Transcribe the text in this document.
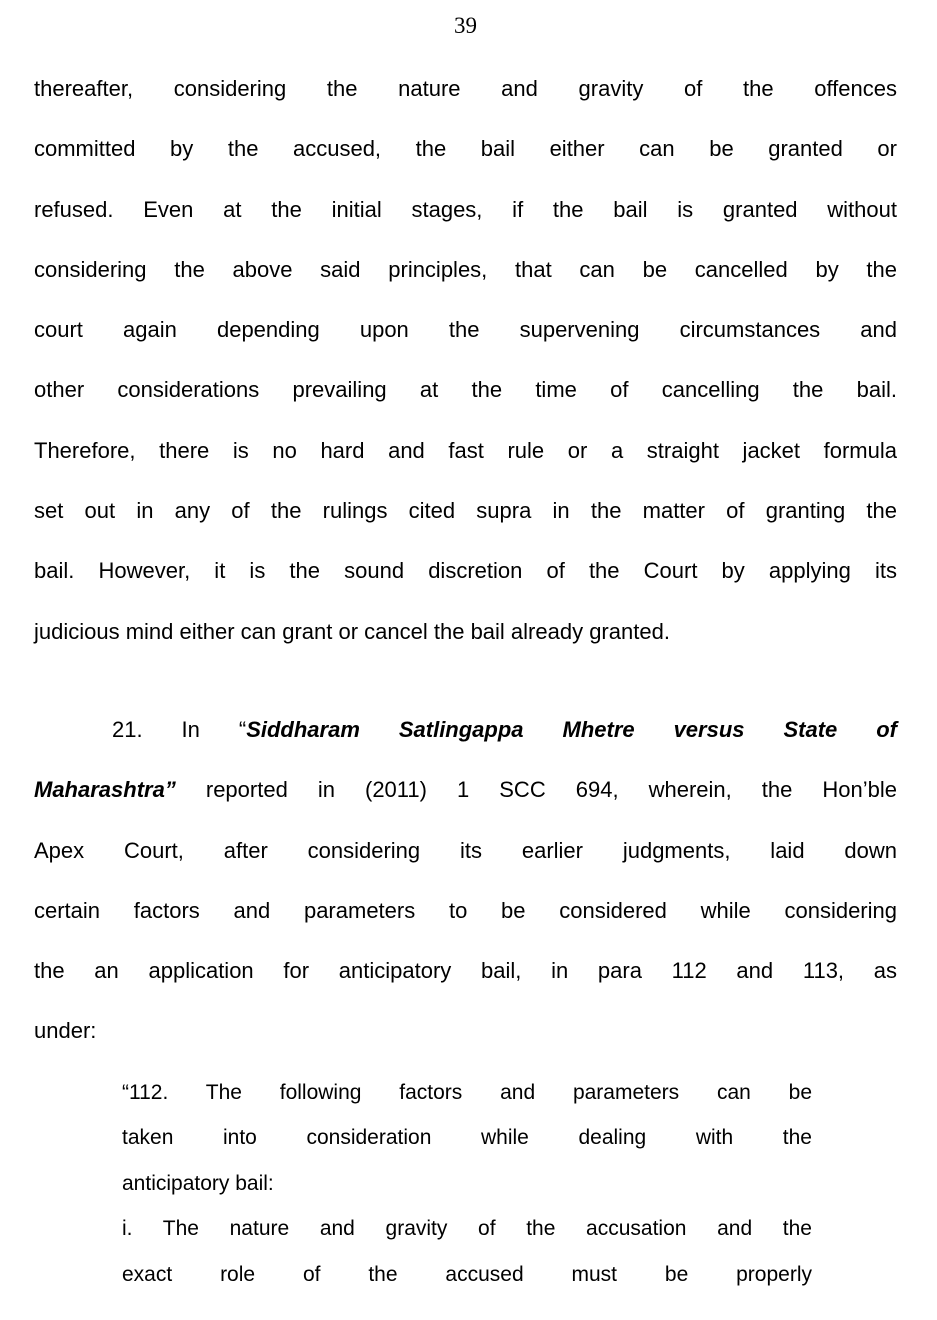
39
thereafter, considering the nature and gravity of the offences
committed by the accused, the bail either can be granted or
refused. Even at the initial stages, if the bail is granted without
considering the above said principles, that can be cancelled by the
court again depending upon the supervening circumstances and
other considerations prevailing at the time of cancelling the bail.
Therefore, there is no hard and fast rule or a straight jacket formula
set out in any of the rulings cited supra in the matter of granting the
bail. However, it is the sound discretion of the Court by applying its
judicious mind either can grant or cancel the bail already granted.
21. In “Siddharam Satlingappa Mhetre versus State of
Maharashtra” reported in (2011) 1 SCC 694, wherein, the Hon’ble
Apex Court, after considering its earlier judgments, laid down
certain factors and parameters to be considered while considering
the an application for anticipatory bail, in para 112 and 113, as
under:
“112. The following factors and parameters can be
taken into consideration while dealing with the
anticipatory bail:
i. The nature and gravity of the accusation and the
exact role of the accused must be properly
